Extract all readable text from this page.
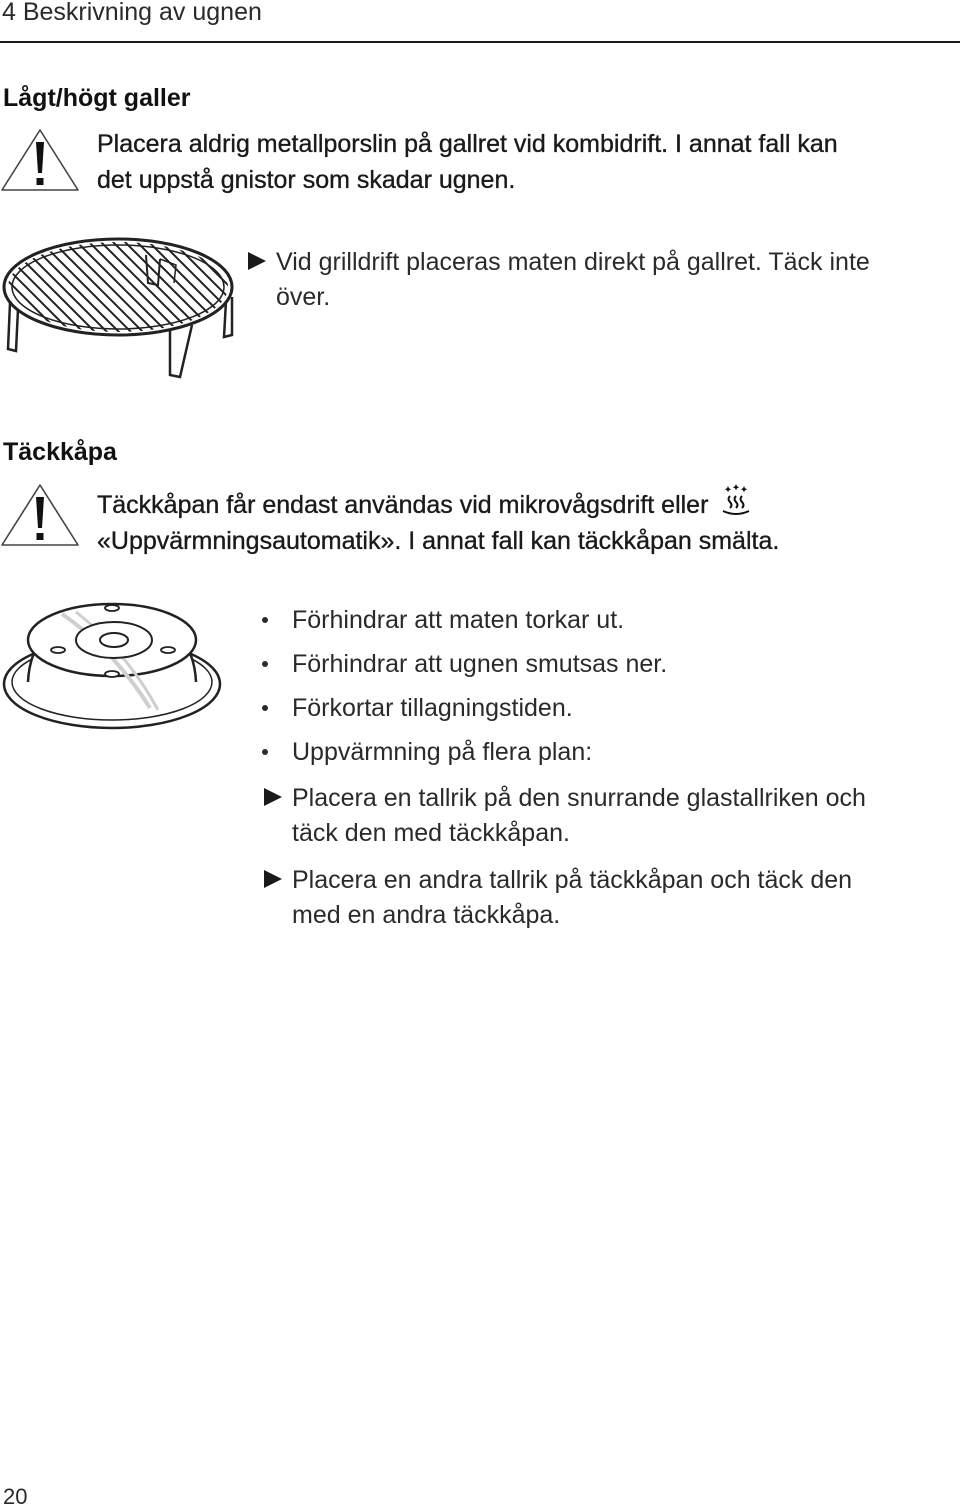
4 Beskrivning av ugnen
Lågt/högt galler
Placera aldrig metallporslin på gallret vid kombidrift. I annat fall kan
det uppstå gnistor som skadar ugnen.
Vid grilldrift placeras maten direkt på gallret. Täck inte
över.
Täckkåpa
Täckkåpan får endast användas vid mikrovågsdrift eller
«Uppvärmningsautomatik». I annat fall kan täckkåpan smälta.
Förhindrar att maten torkar ut.
Förhindrar att ugnen smutsas ner.
Förkortar tillagningstiden.
Uppvärmning på flera plan:
Placera en tallrik på den snurrande glastallriken och
täck den med täckkåpan.
Placera en andra tallrik på täckkåpan och täck den
med en andra täckkåpa.
20
